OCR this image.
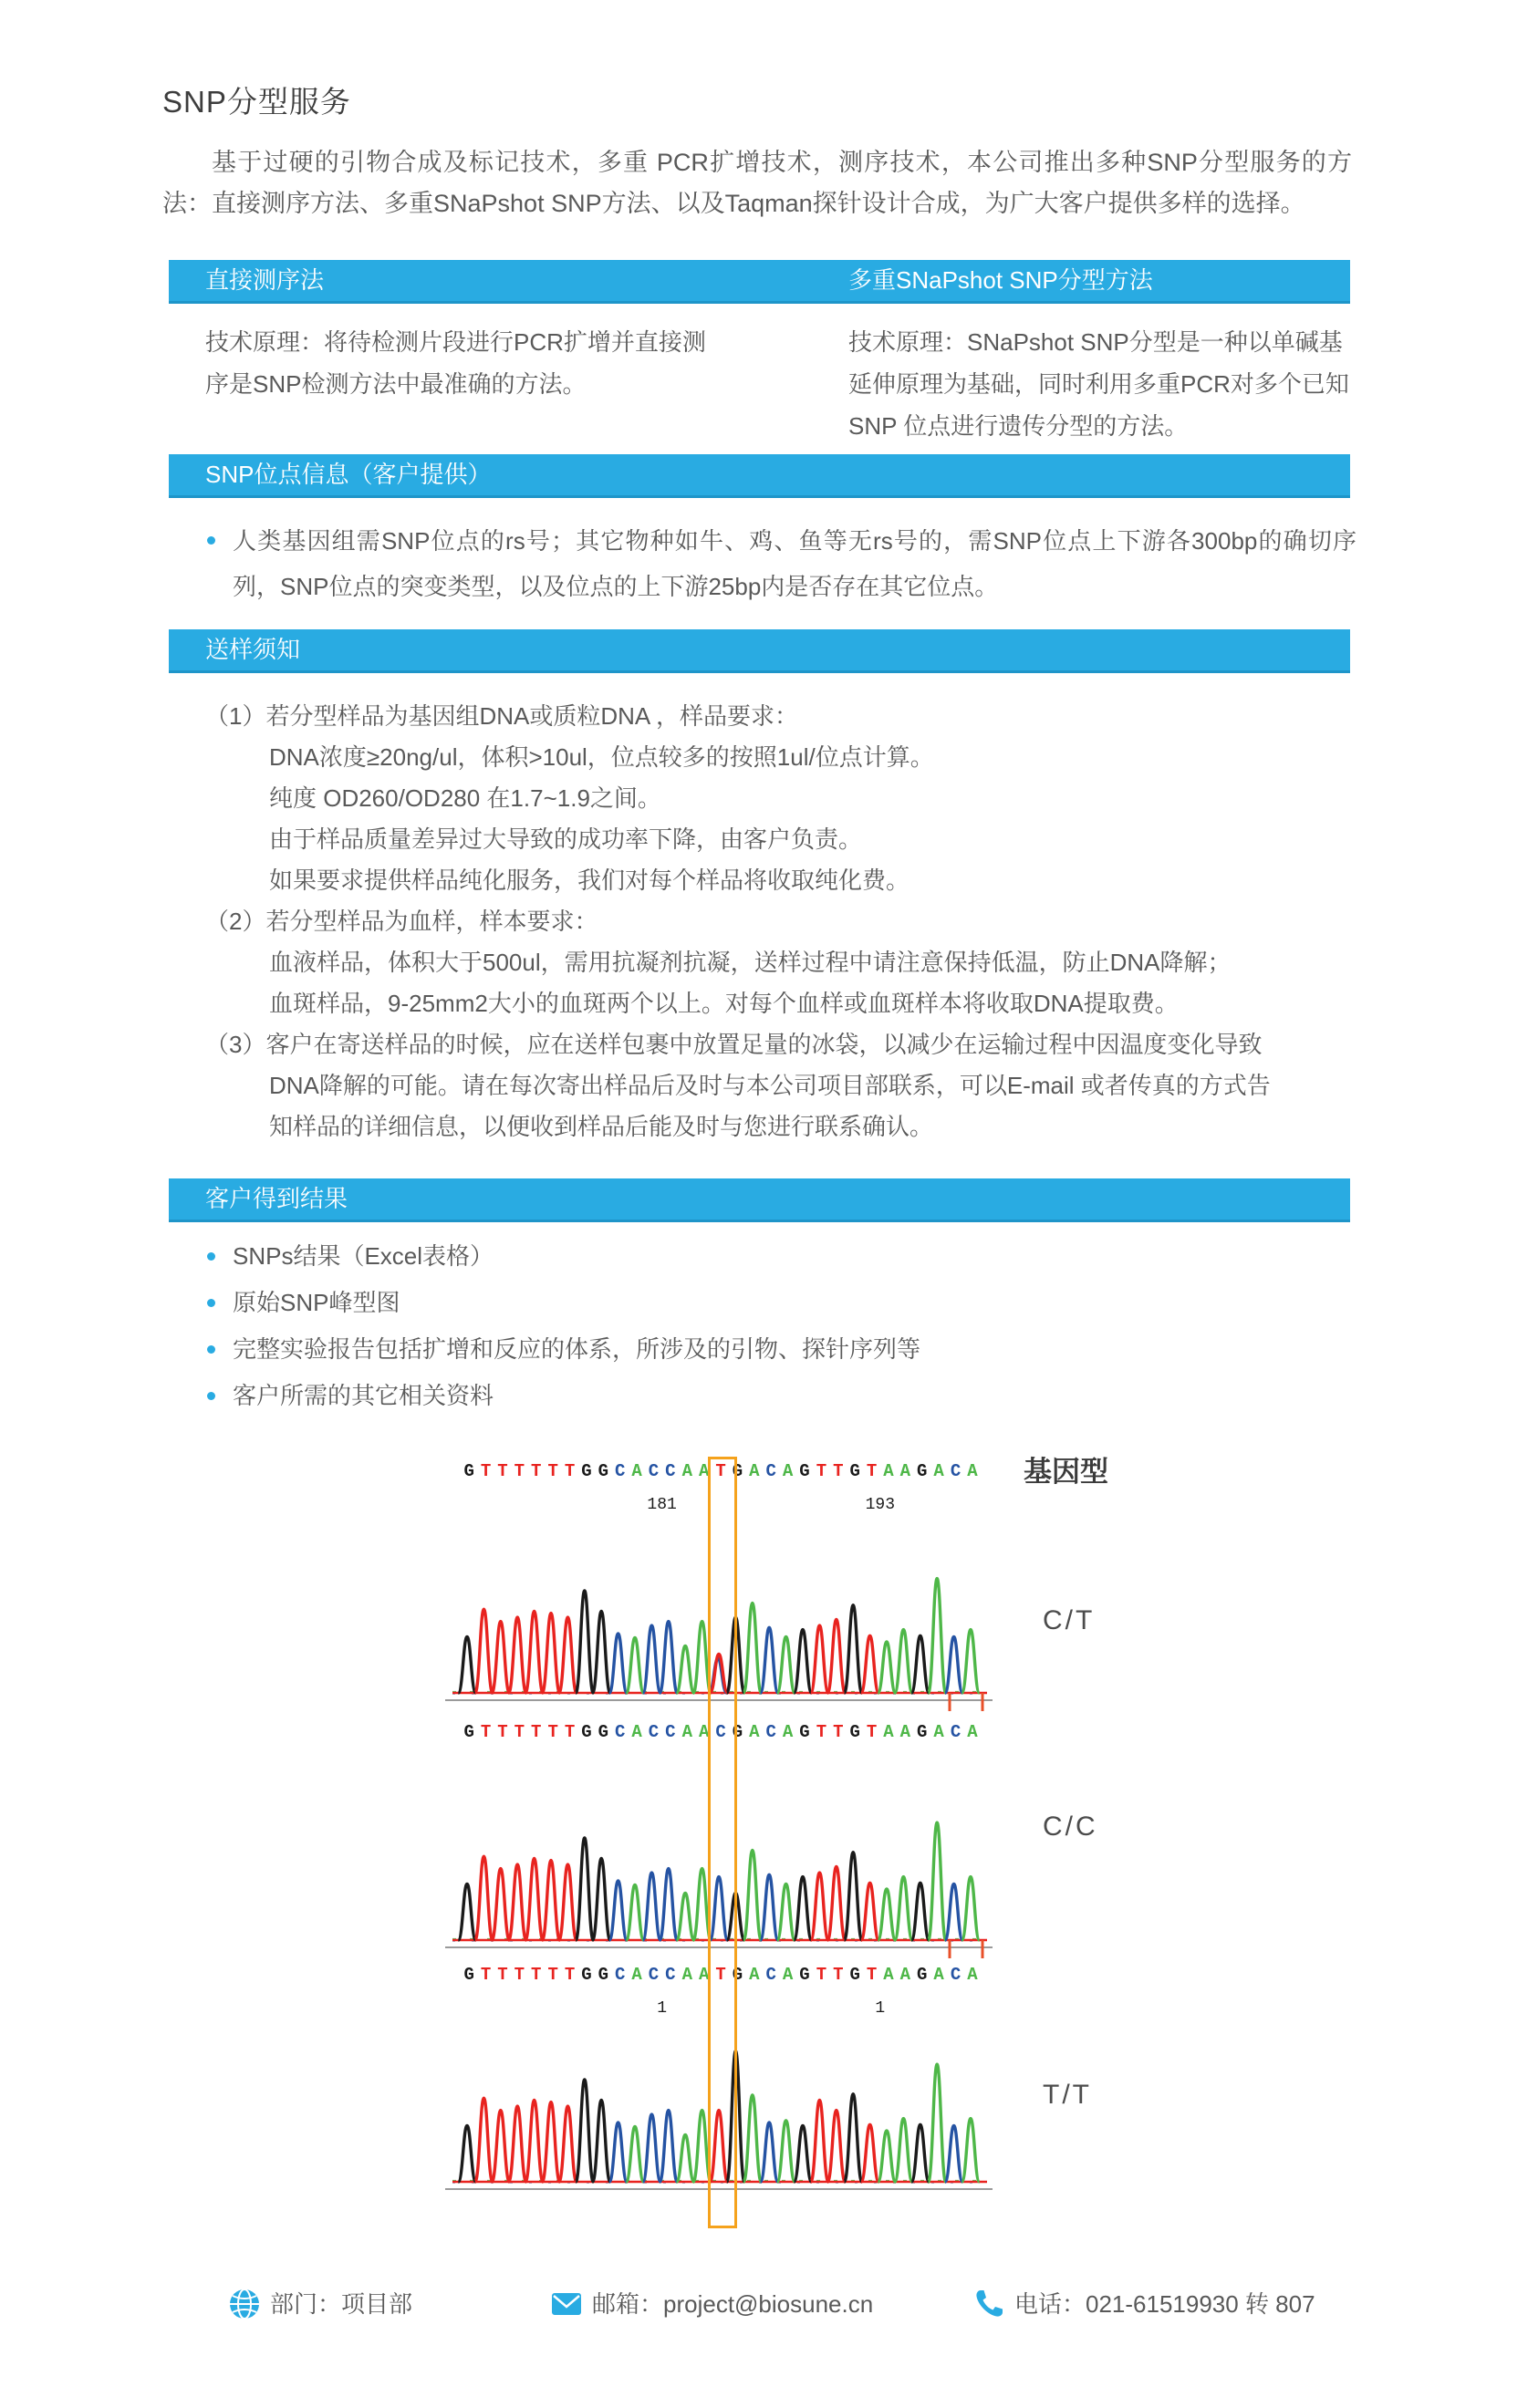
SNP分型服务
基于过硬的引物合成及标记技术，多重 PCR扩增技术，测序技术，本公司推出多种SNP分型服务的方法：直接测序方法、多重SNaPshot SNP方法、以及Taqman探针设计合成，为广大客户提供多样的选择。
直接测序法	多重SNaPshot SNP分型方法
技术原理：将待检测片段进行PCR扩增并直接测
序是SNP检测方法中最准确的方法。
技术原理：SNaPshot SNP分型是一种以单碱基
延伸原理为基础，同时利用多重PCR对多个已知
SNP 位点进行遗传分型的方法。
SNP位点信息（客户提供）
人类基因组需SNP位点的rs号；其它物种如牛、鸡、鱼等无rs号的，需SNP位点上下游各300bp的确切序列，SNP位点的突变类型，以及位点的上下游25bp内是否存在其它位点。
送样须知
（1）若分型样品为基因组DNA或质粒DNA ，样品要求：
DNA浓度≥20ng/ul，体积>10ul，位点较多的按照1ul/位点计算。
纯度 OD260/OD280 在1.7~1.9之间。
由于样品质量差异过大导致的成功率下降，由客户负责。
如果要求提供样品纯化服务，我们对每个样品将收取纯化费。
（2）若分型样品为血样，样本要求：
血液样品，体积大于500ul，需用抗凝剂抗凝，送样过程中请注意保持低温，防止DNA降解；
血斑样品，9-25mm2大小的血斑两个以上。对每个血样或血斑样本将收取DNA提取费。
（3）客户在寄送样品的时候，应在送样包裹中放置足量的冰袋，以减少在运输过程中因温度变化导致
DNA降解的可能。请在每次寄出样品后及时与本公司项目部联系，可以E-mail 或者传真的方式告
知样品的详细信息，以便收到样品后能及时与您进行联系确认。
客户得到结果
SNPs结果（Excel表格）
原始SNP峰型图
完整实验报告包括扩增和反应的体系，所涉及的引物、探针序列等
客户所需的其它相关资料
基因型
G T T T T T T G G C A C C A A T G A C A G T T G T A A G A C A
181	193
C/T
G T T T T T T G G C A C C A A C G A C A G T T G T A A G A C A
C/C
G T T T T T T G G C A C C A A T G A C A G T T G T A A G A C A
1	1
T/T
部门：项目部	邮箱：project@biosune.cn	电话：021-61519930 转 807
